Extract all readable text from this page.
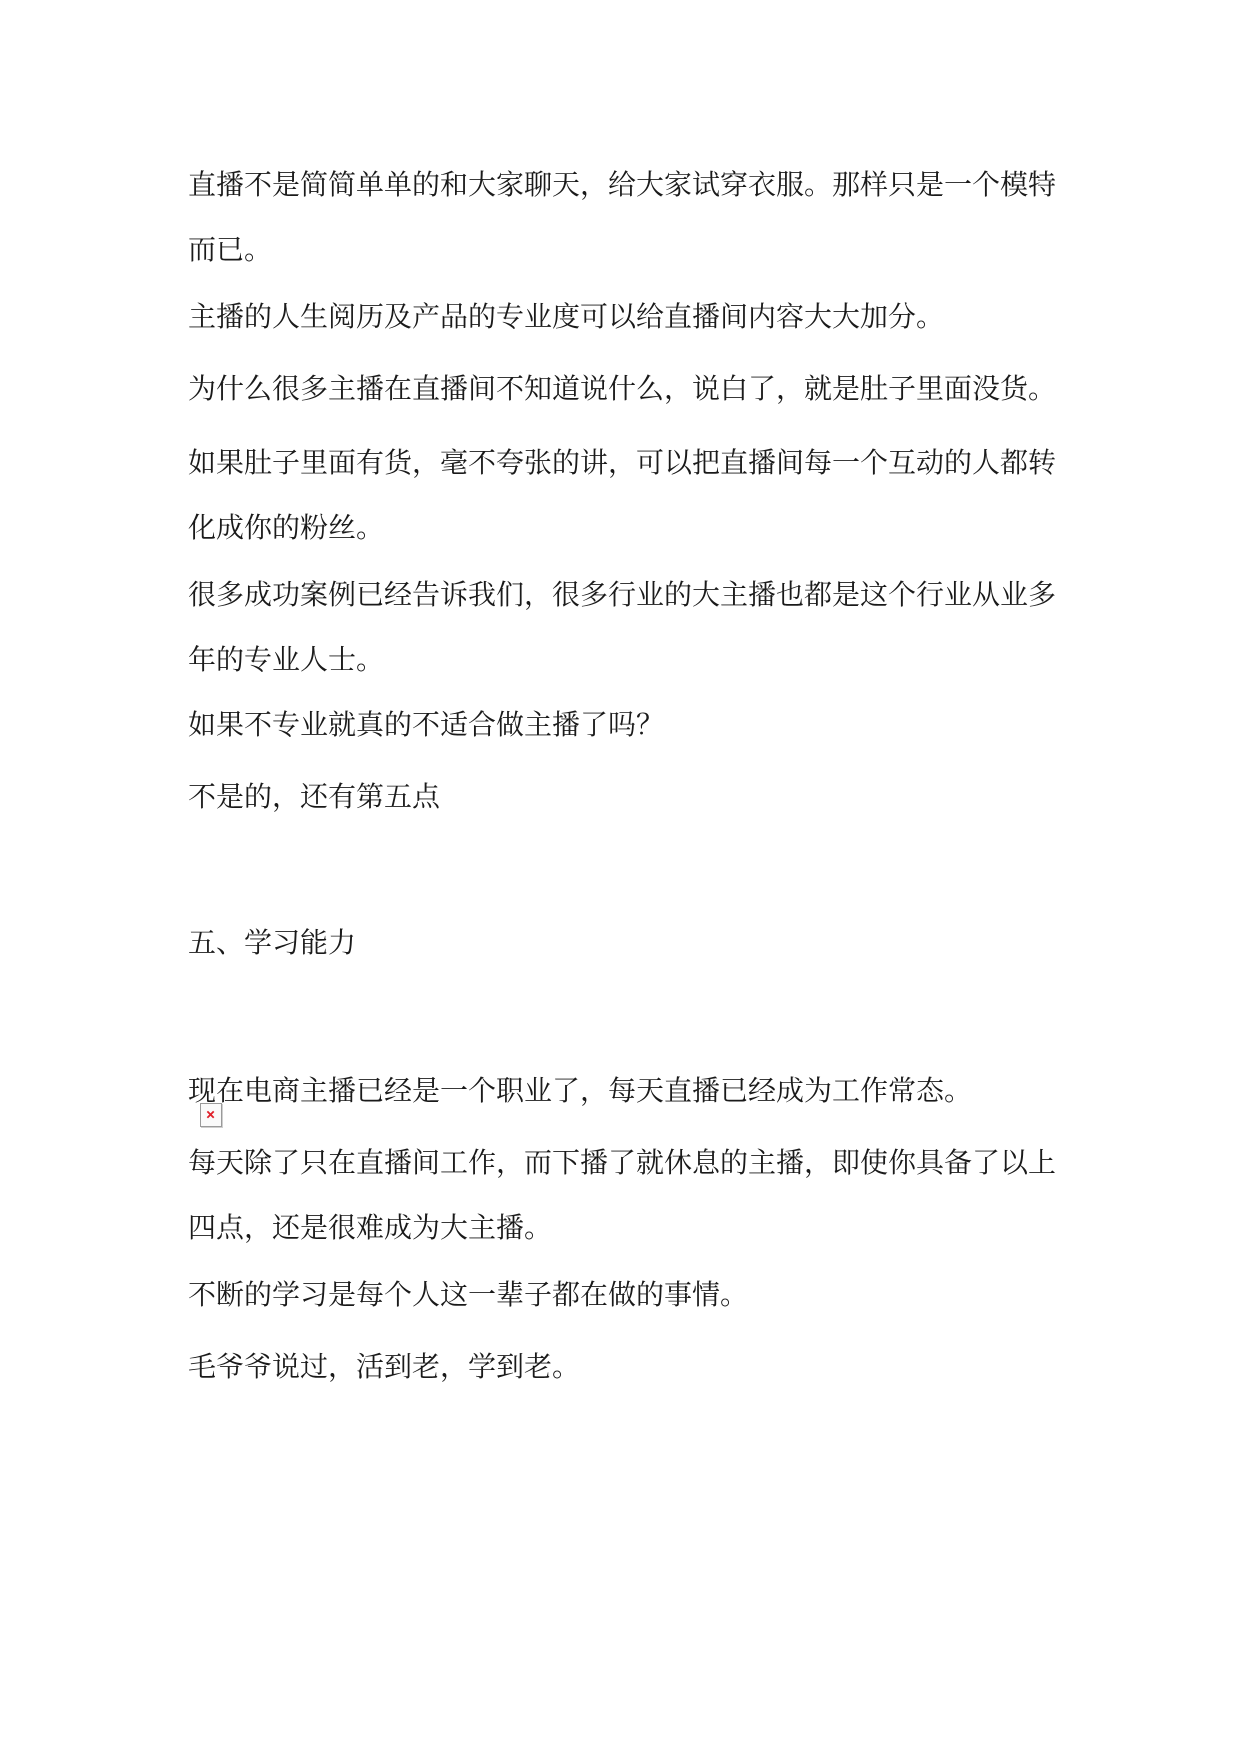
直播不是简简单单的和大家聊天，给大家试穿衣服。那样只是一个模特而已。

主播的人生阅历及产品的专业度可以给直播间内容大大加分。

为什么很多主播在直播间不知道说什么，说白了，就是肚子里面没货。

如果肚子里面有货，毫不夸张的讲，可以把直播间每一个互动的人都转化成你的粉丝。

很多成功案例已经告诉我们，很多行业的大主播也都是这个行业从业多年的专业人士。

如果不专业就真的不适合做主播了吗？

不是的，还有第五点

五、学习能力

现在电商主播已经是一个职业了，每天直播已经成为工作常态。

每天除了只在直播间工作，而下播了就休息的主播，即使你具备了以上四点，还是很难成为大主播。

不断的学习是每个人这一辈子都在做的事情。

毛爷爷说过，活到老，学到老。
